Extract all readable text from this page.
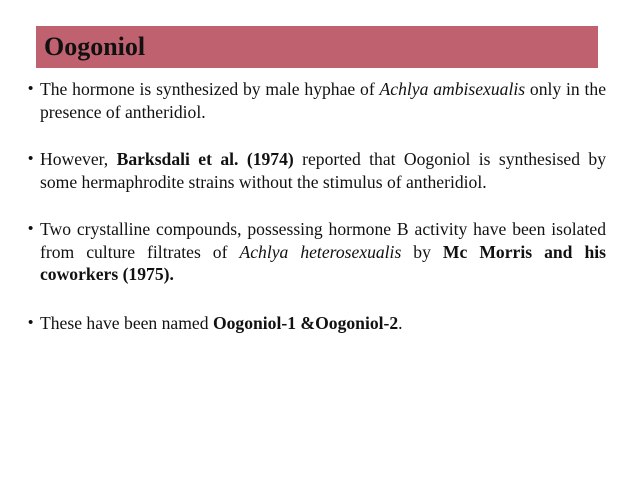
Oogoniol
• The hormone is synthesized by male hyphae of Achlya ambisexualis only in the presence of antheridiol.
• However, Barksdali et al. (1974) reported that Oogoniol is synthesised by some hermaphrodite strains without the stimulus of antheridiol.
• Two crystalline compounds, possessing hormone B activity have been isolated from culture filtrates of Achlya heterosexualis by Mc Morris and his coworkers (1975).
• These have been named Oogoniol-1 &Oogoniol-2.
